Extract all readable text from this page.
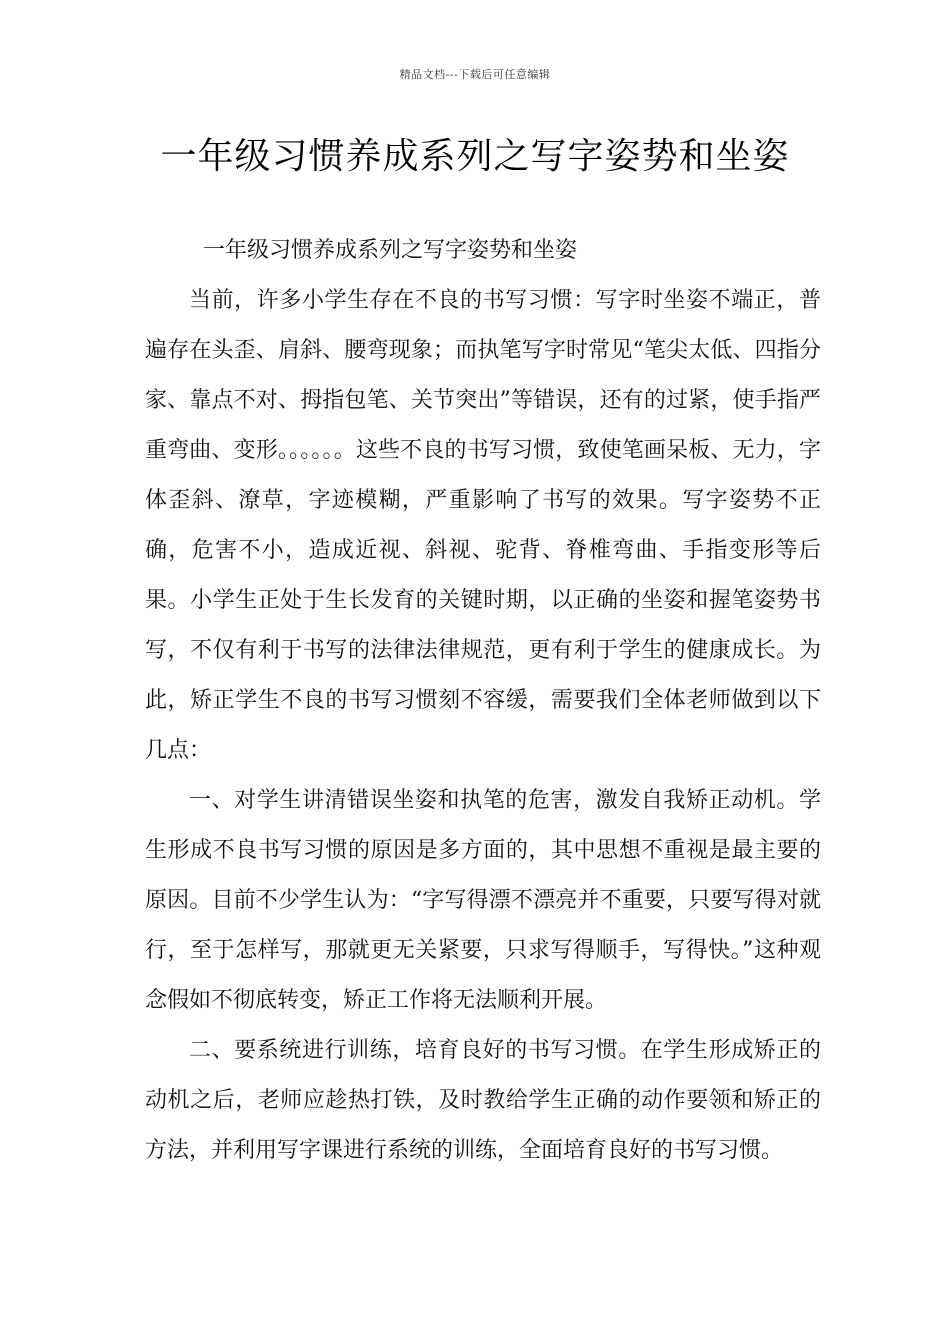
精品文档---下载后可任意编辑
一年级习惯养成系列之写字姿势和坐姿

一年级习惯养成系列之写字姿势和坐姿

当前，许多小学生存在不良的书写习惯：写字时坐姿不端正，普遍存在头歪、肩斜、腰弯现象；而执笔写字时常见“笔尖太低、四指分家、靠点不对、拇指包笔、关节突出”等错误，还有的过紧，使手指严重弯曲、变形。。。。。。这些不良的书写习惯，致使笔画呆板、无力，字体歪斜、潦草，字迹模糊，严重影响了书写的效果。写字姿势不正确，危害不小，造成近视、斜视、驼背、脊椎弯曲、手指变形等后果。小学生正处于生长发育的关键时期，以正确的坐姿和握笔姿势书写，不仅有利于书写的法律法律规范，更有利于学生的健康成长。为此，矫正学生不良的书写习惯刻不容缓，需要我们全体老师做到以下几点：

一、对学生讲清错误坐姿和执笔的危害，激发自我矫正动机。学生形成不良书写习惯的原因是多方面的，其中思想不重视是最主要的原因。目前不少学生认为：“字写得漂不漂亮并不重要，只要写得对就行，至于怎样写，那就更无关紧要，只求写得顺手，写得快。”这种观念假如不彻底转变，矫正工作将无法顺利开展。

二、要系统进行训练，培育良好的书写习惯。在学生形成矫正的动机之后，老师应趁热打铁，及时教给学生正确的动作要领和矫正的方法，并利用写字课进行系统的训练，全面培育良好的书写习惯。
